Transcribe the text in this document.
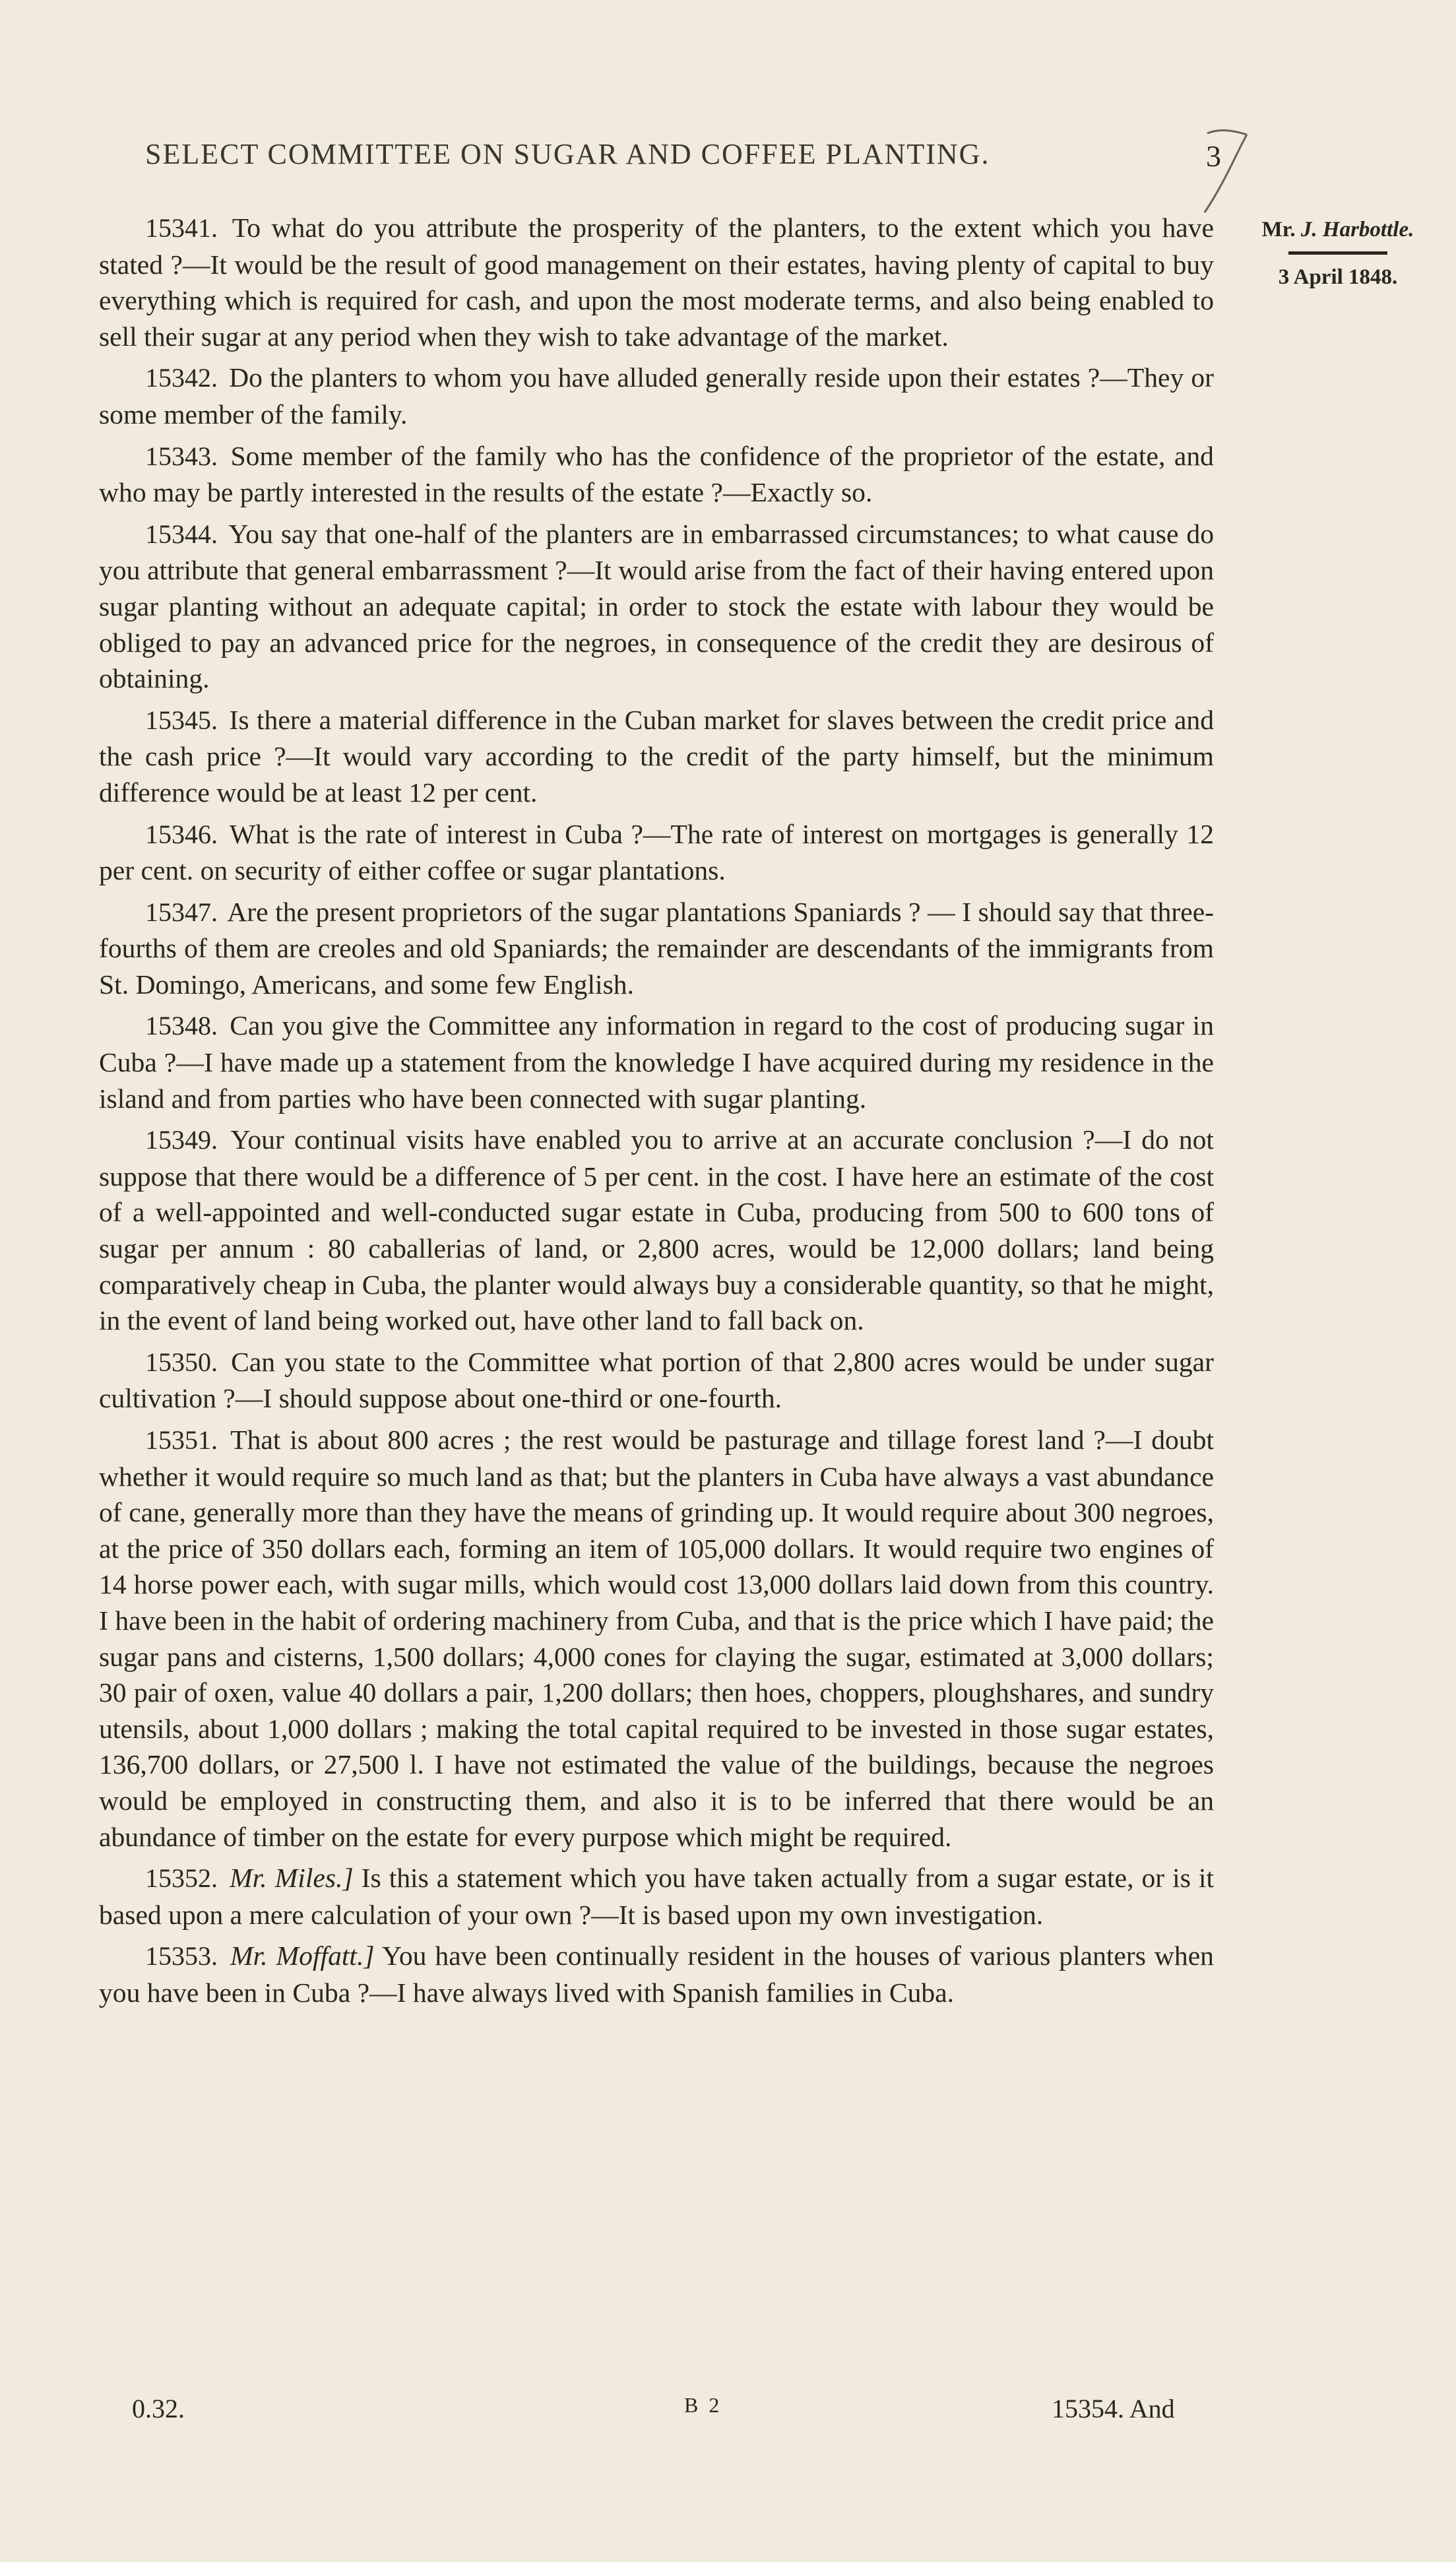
SELECT COMMITTEE ON SUGAR AND COFFEE PLANTING.	3
Mr. J. Harbottle.
3 April 1848.

15341. To what do you attribute the prosperity of the planters, to the extent which you have stated ?—It would be the result of good management on their estates, having plenty of capital to buy everything which is required for cash, and upon the most moderate terms, and also being enabled to sell their sugar at any period when they wish to take advantage of the market.

15342. Do the planters to whom you have alluded generally reside upon their estates ?—They or some member of the family.

15343. Some member of the family who has the confidence of the proprietor of the estate, and who may be partly interested in the results of the estate ?—Exactly so.

15344. You say that one-half of the planters are in embarrassed circumstances; to what cause do you attribute that general embarrassment ?—It would arise from the fact of their having entered upon sugar planting without an adequate capital; in order to stock the estate with labour they would be obliged to pay an advanced price for the negroes, in consequence of the credit they are desirous of obtaining.

15345. Is there a material difference in the Cuban market for slaves between the credit price and the cash price ?—It would vary according to the credit of the party himself, but the minimum difference would be at least 12 per cent.

15346. What is the rate of interest in Cuba ?—The rate of interest on mortgages is generally 12 per cent. on security of either coffee or sugar plantations.

15347. Are the present proprietors of the sugar plantations Spaniards ? — I should say that three-fourths of them are creoles and old Spaniards; the remainder are descendants of the immigrants from St. Domingo, Americans, and some few English.

15348. Can you give the Committee any information in regard to the cost of producing sugar in Cuba ?—I have made up a statement from the knowledge I have acquired during my residence in the island and from parties who have been connected with sugar planting.

15349. Your continual visits have enabled you to arrive at an accurate conclusion ?—I do not suppose that there would be a difference of 5 per cent. in the cost. I have here an estimate of the cost of a well-appointed and well-conducted sugar estate in Cuba, producing from 500 to 600 tons of sugar per annum : 80 caballerias of land, or 2,800 acres, would be 12,000 dollars; land being comparatively cheap in Cuba, the planter would always buy a considerable quantity, so that he might, in the event of land being worked out, have other land to fall back on.

15350. Can you state to the Committee what portion of that 2,800 acres would be under sugar cultivation ?—I should suppose about one-third or one-fourth.

15351. That is about 800 acres ; the rest would be pasturage and tillage forest land ?—I doubt whether it would require so much land as that; but the planters in Cuba have always a vast abundance of cane, generally more than they have the means of grinding up. It would require about 300 negroes, at the price of 350 dollars each, forming an item of 105,000 dollars. It would require two engines of 14 horse power each, with sugar mills, which would cost 13,000 dollars laid down from this country. I have been in the habit of ordering machinery from Cuba, and that is the price which I have paid; the sugar pans and cisterns, 1,500 dollars; 4,000 cones for claying the sugar, estimated at 3,000 dollars; 30 pair of oxen, value 40 dollars a pair, 1,200 dollars; then hoes, choppers, ploughshares, and sundry utensils, about 1,000 dollars ; making the total capital required to be invested in those sugar estates, 136,700 dollars, or 27,500 l. I have not estimated the value of the buildings, because the negroes would be employed in constructing them, and also it is to be inferred that there would be an abundance of timber on the estate for every purpose which might be required.

15352. Mr. Miles.] Is this a statement which you have taken actually from a sugar estate, or is it based upon a mere calculation of your own ?—It is based upon my own investigation.

15353. Mr. Moffatt.] You have been continually resident in the houses of various planters when you have been in Cuba ?—I have always lived with Spanish families in Cuba.

0.32.	B 2	15354. And
